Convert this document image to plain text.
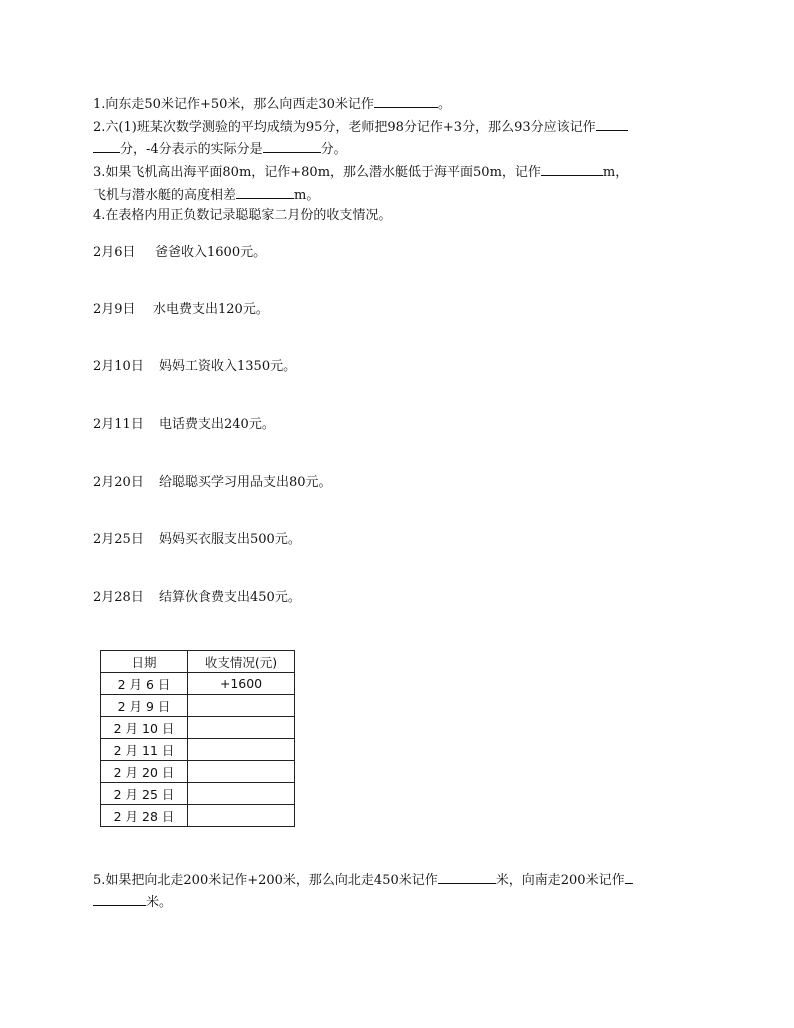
1.向东走50米记作+50米，那么向西走30米记作	。
2.六(1)班某次数学测验的平均成绩为95分，老师把98分记作+3分，那么93分应该记作
分，-4分表示的实际分是	分。
3.如果飞机高出海平面80m，记作+80m，那么潜水艇低于海平面50m，记作	m，
飞机与潜水艇的高度相差	m。
4.在表格内用正负数记录聪聪家二月份的收支情况。
2月6日 爸爸收入1600元。
2月9日 水电费支出120元。
2月10日 妈妈工资收入1350元。
2月11日 电话费支出240元。
2月20日 给聪聪买学习用品支出80元。
2月25日 妈妈买衣服支出500元。
2月28日 结算伙食费支出450元。
日期	收支情况(元)
2 月 6 日	+1600
2 月 9 日	
2 月 10 日	
2 月 11 日	
2 月 20 日	
2 月 25 日	
2 月 28 日	
5.如果把向北走200米记作+200米，那么向北走450米记作	米，向南走200米记作
米。
